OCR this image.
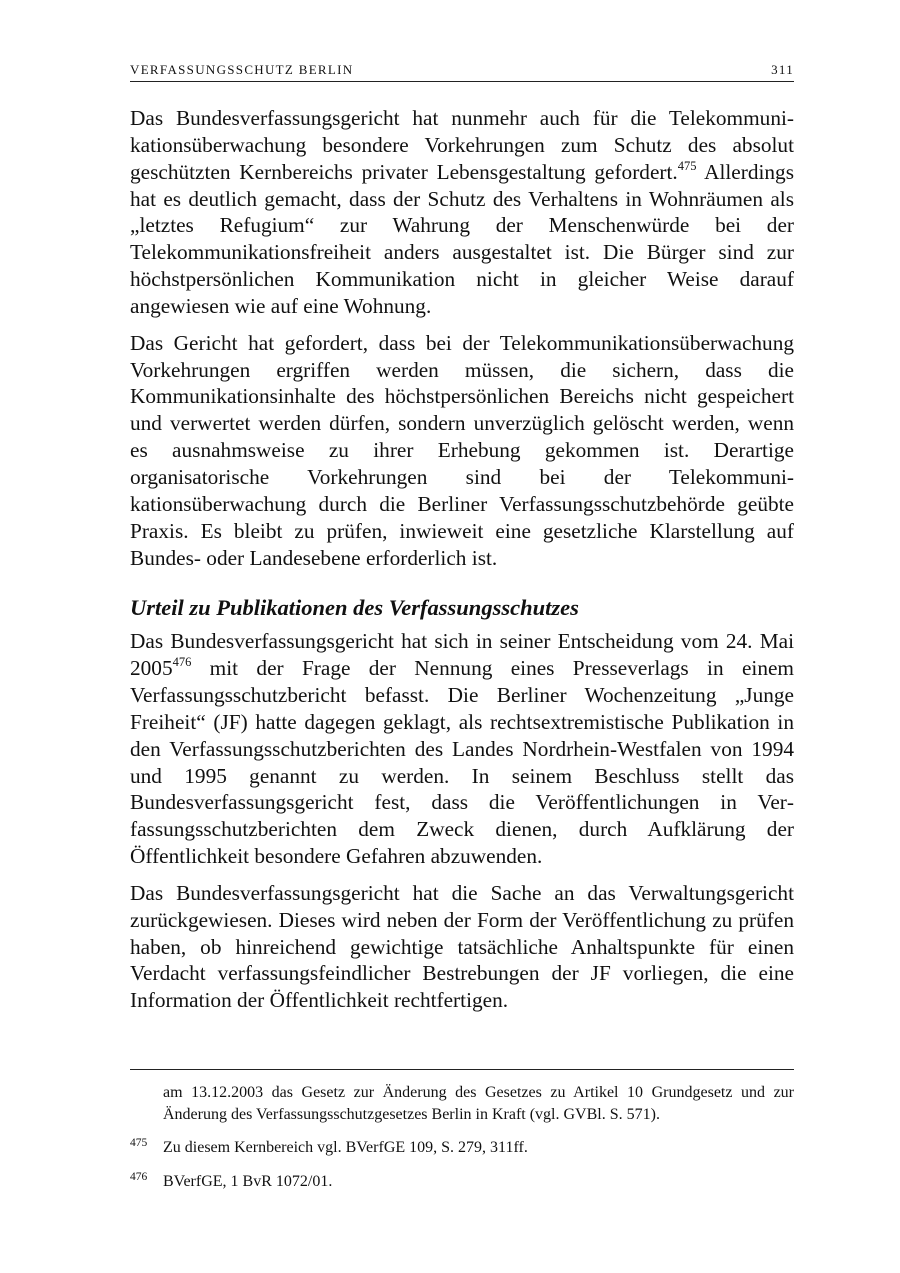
VERFASSUNGSSCHUTZ BERLIN	311

Das Bundesverfassungsgericht hat nunmehr auch für die Telekommunikationsüberwachung besondere Vorkehrungen zum Schutz des absolut geschützten Kernbereichs privater Lebensgestaltung gefordert.$^{475}$ Allerdings hat es deutlich gemacht, dass der Schutz des Verhaltens in Wohnräumen als „letztes Refugium“ zur Wahrung der Menschenwürde bei der Telekommunikationsfreiheit anders ausgestaltet ist. Die Bürger sind zur höchstpersönlichen Kommunikation nicht in gleicher Weise darauf angewiesen wie auf eine Wohnung.

Das Gericht hat gefordert, dass bei der Telekommunikationsüberwachung Vorkehrungen ergriffen werden müssen, die sichern, dass die Kommunikationsinhalte des höchstpersönlichen Bereichs nicht gespeichert und verwertet werden dürfen, sondern unverzüglich gelöscht werden, wenn es ausnahmsweise zu ihrer Erhebung gekommen ist. Derartige organisatorische Vorkehrungen sind bei der Telekommunikationsüberwachung durch die Berliner Verfassungsschutzbehörde geübte Praxis. Es bleibt zu prüfen, inwieweit eine gesetzliche Klarstellung auf Bundes- oder Landesebene erforderlich ist.

Urteil zu Publikationen des Verfassungsschutzes

Das Bundesverfassungsgericht hat sich in seiner Entscheidung vom 24. Mai 2005$^{476}$ mit der Frage der Nennung eines Presseverlags in einem Verfassungsschutzbericht befasst. Die Berliner Wochenzeitung „Junge Freiheit“ (JF) hatte dagegen geklagt, als rechtsextremistische Publikation in den Verfassungsschutzberichten des Landes Nordrhein-Westfalen von 1994 und 1995 genannt zu werden. In seinem Beschluss stellt das Bundesverfassungsgericht fest, dass die Veröffentlichungen in Verfassungsschutzberichten dem Zweck dienen, durch Aufklärung der Öffentlichkeit besondere Gefahren abzuwenden.

Das Bundesverfassungsgericht hat die Sache an das Verwaltungsgericht zurückgewiesen. Dieses wird neben der Form der Veröffentlichung zu prüfen haben, ob hinreichend gewichtige tatsächliche Anhaltspunkte für einen Verdacht verfassungsfeindlicher Bestrebungen der JF vorliegen, die eine Information der Öffentlichkeit rechtfertigen.

am 13.12.2003 das Gesetz zur Änderung des Gesetzes zu Artikel 10 Grundgesetz und zur Änderung des Verfassungsschutzgesetzes Berlin in Kraft (vgl. GVBl. S. 571).
475 Zu diesem Kernbereich vgl. BVerfGE 109, S. 279, 311ff.
476 BVerfGE, 1 BvR 1072/01.
